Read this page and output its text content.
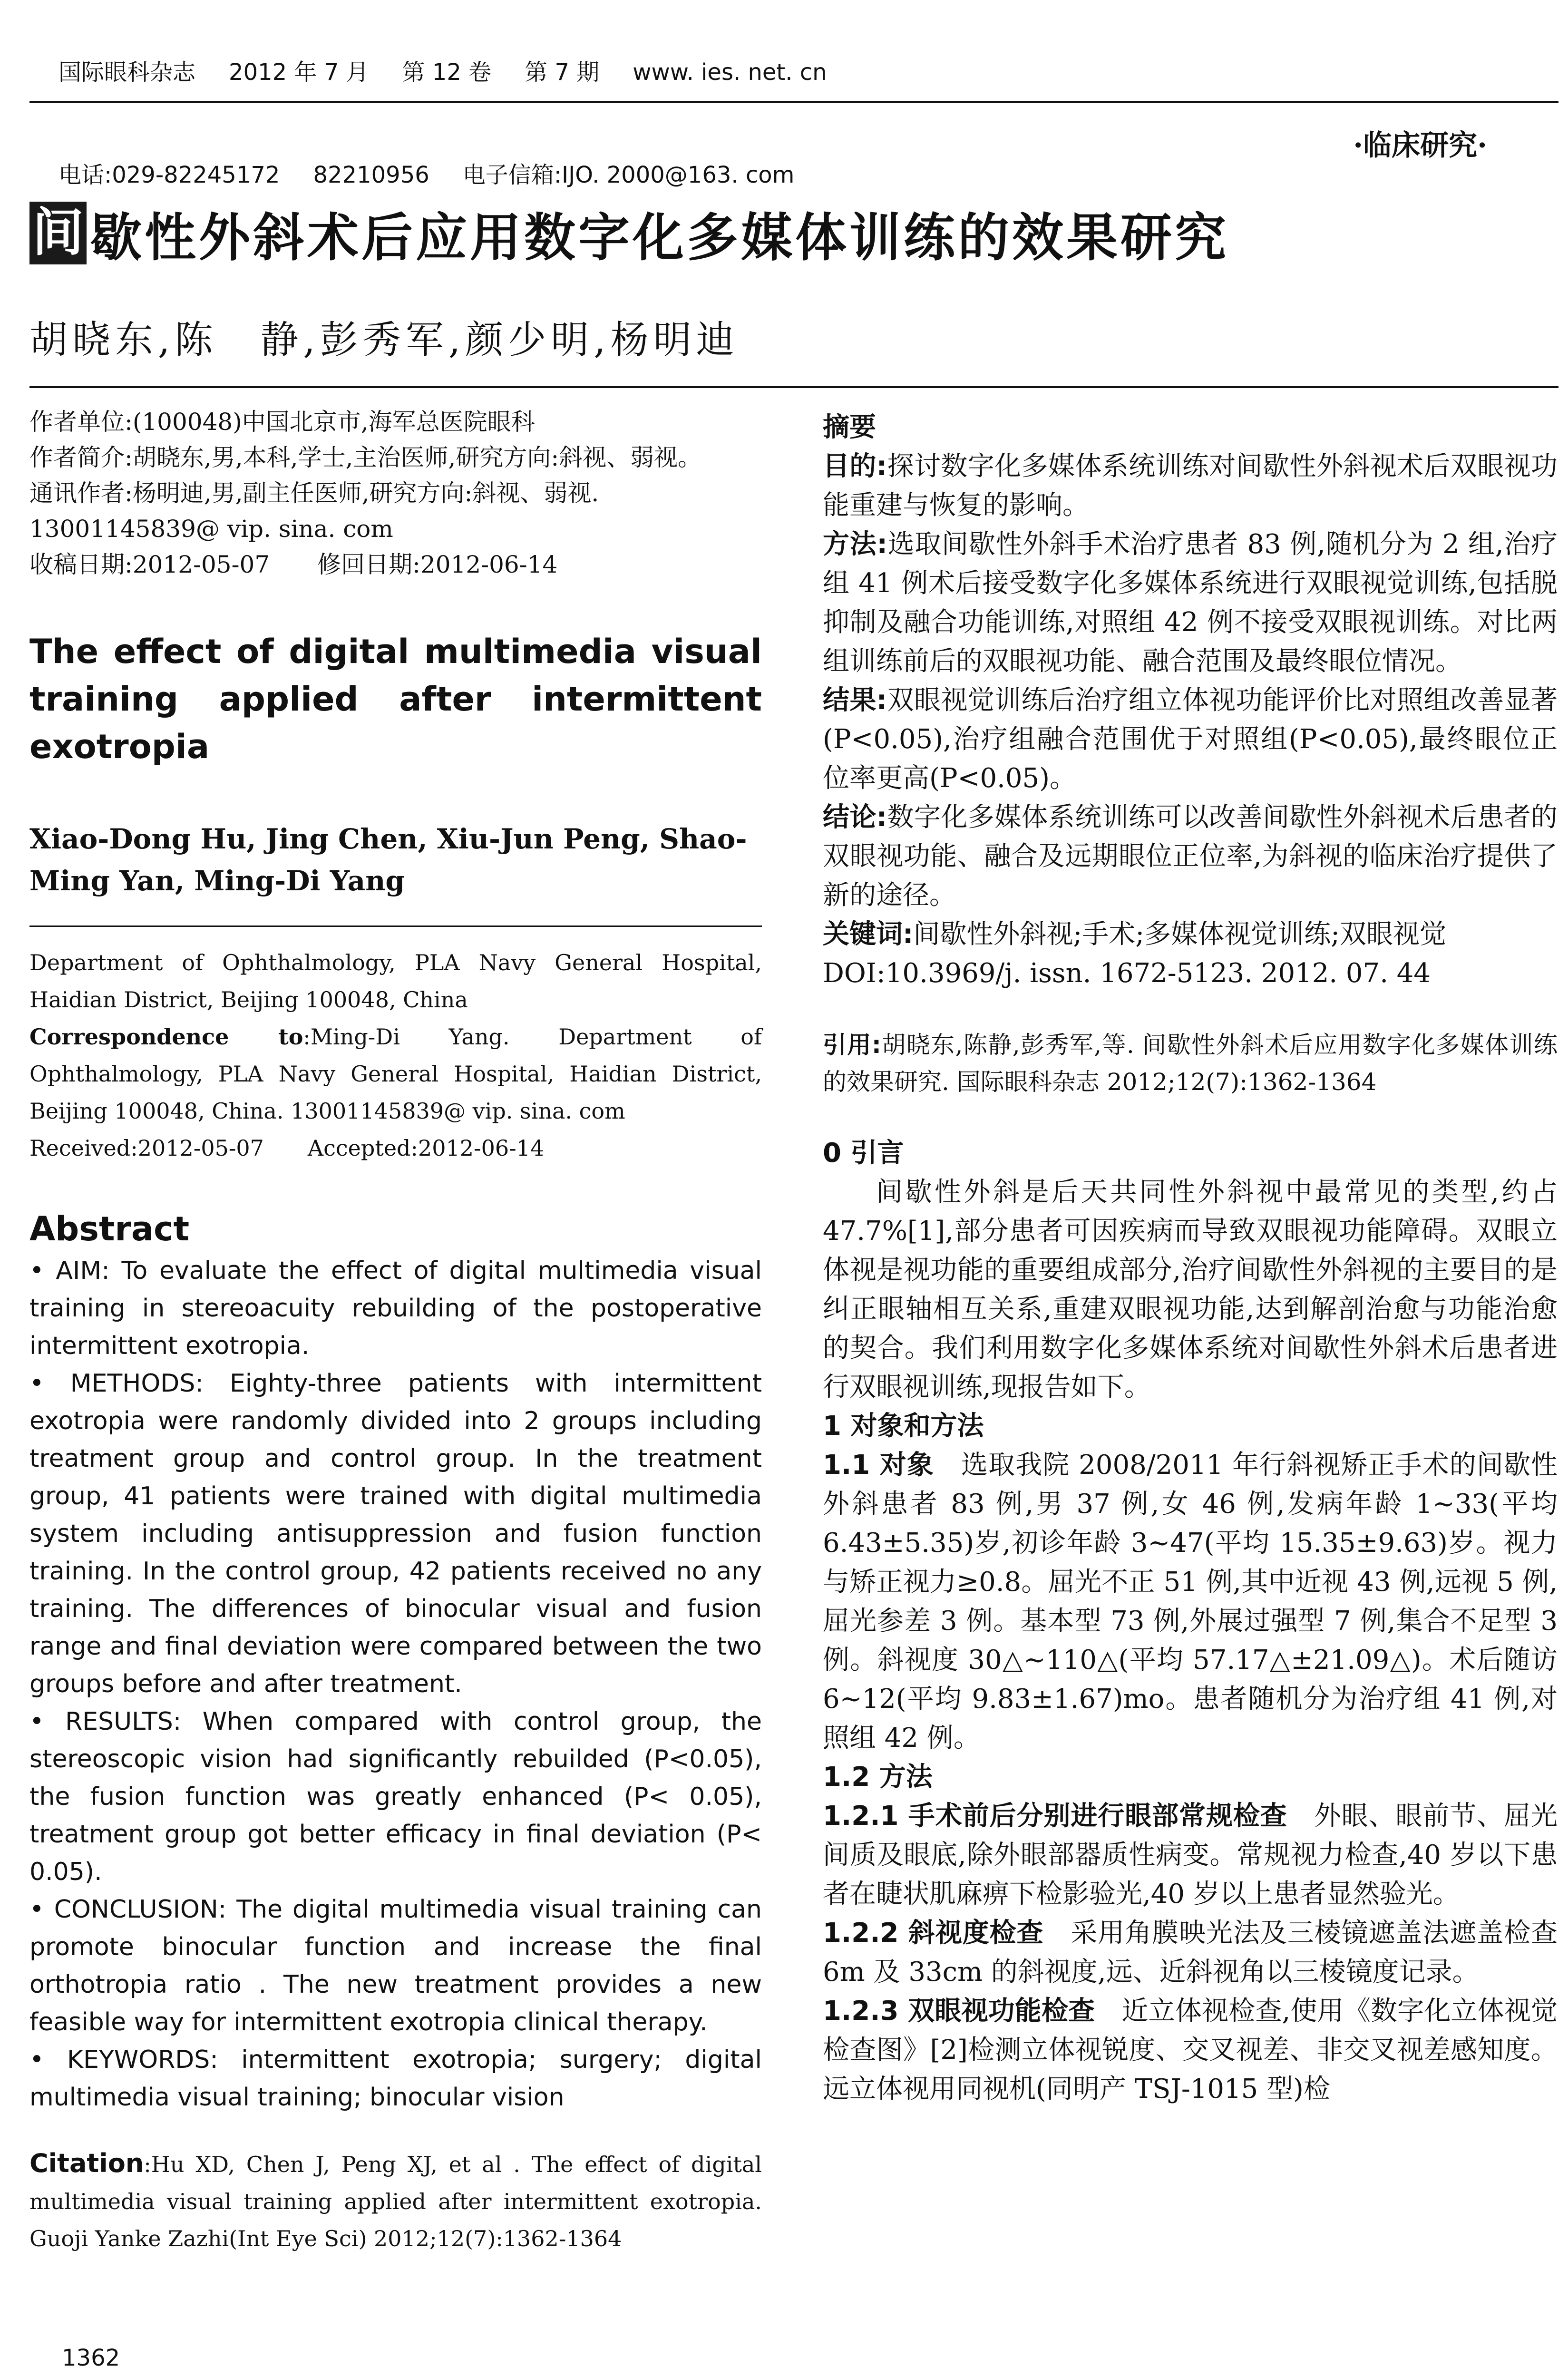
国际眼科杂志 2012 年 7 月 第 12 卷 第 7 期 www. ies. net. cn

电话:029-82245172 82210956 电子信箱:IJO. 2000@163. com

·临床研究·
间 歇性外斜术后应用数字化多媒体训练的效果研究
胡晓东,陈　静,彭秀军,颜少明,杨明迪

作者单位:(100048)中国北京市,海军总医院眼科

作者简介:胡晓东,男,本科,学士,主治医师,研究方向:斜视、弱视。

通讯作者:杨明迪,男,副主任医师,研究方向:斜视、弱视. 13001145839@ vip. sina. com

收稿日期:2012-05-07　　修回日期:2012-06-14

The effect of digital multimedia visual training applied after intermittent exotropia

Xiao-Dong Hu, Jing Chen, Xiu-Jun Peng, Shao-Ming Yan, Ming-Di Yang

Department of Ophthalmology, PLA Navy General Hospital, Haidian District, Beijing 100048, China

Correspondence to:Ming-Di Yang. Department of Ophthalmology, PLA Navy General Hospital, Haidian District, Beijing 100048, China. 13001145839@ vip. sina. com

Received:2012-05-07　　Accepted:2012-06-14

Abstract

• AIM: To evaluate the effect of digital multimedia visual training in stereoacuity rebuilding of the postoperative intermittent exotropia.

• METHODS: Eighty-three patients with intermittent exotropia were randomly divided into 2 groups including treatment group and control group. In the treatment group, 41 patients were trained with digital multimedia system including antisuppression and fusion function training. In the control group, 42 patients received no any training. The differences of binocular visual and fusion range and final deviation were compared between the two groups before and after treatment.

• RESULTS: When compared with control group, the stereoscopic vision had significantly rebuilded (P<0.05), the fusion function was greatly enhanced (P< 0.05), treatment group got better efficacy in final deviation (P< 0.05).

• CONCLUSION: The digital multimedia visual training can promote binocular function and increase the final orthotropia ratio . The new treatment provides a new feasible way for intermittent exotropia clinical therapy.

• KEYWORDS: intermittent exotropia; surgery; digital multimedia visual training; binocular vision

Citation:Hu XD, Chen J, Peng XJ, et al . The effect of digital multimedia visual training applied after intermittent exotropia. Guoji Yanke Zazhi(Int Eye Sci) 2012;12(7):1362-1364

摘要

目的:探讨数字化多媒体系统训练对间歇性外斜视术后双眼视功能重建与恢复的影响。

方法:选取间歇性外斜手术治疗患者 83 例,随机分为 2 组,治疗组 41 例术后接受数字化多媒体系统进行双眼视觉训练,包括脱抑制及融合功能训练,对照组 42 例不接受双眼视训练。对比两组训练前后的双眼视功能、融合范围及最终眼位情况。

结果:双眼视觉训练后治疗组立体视功能评价比对照组改善显著(P<0.05),治疗组融合范围优于对照组(P<0.05),最终眼位正位率更高(P<0.05)。

结论:数字化多媒体系统训练可以改善间歇性外斜视术后患者的双眼视功能、融合及远期眼位正位率,为斜视的临床治疗提供了新的途径。

关键词:间歇性外斜视;手术;多媒体视觉训练;双眼视觉

DOI:10.3969/j. issn. 1672-5123. 2012. 07. 44

引用:胡晓东,陈静,彭秀军,等. 间歇性外斜术后应用数字化多媒体训练的效果研究. 国际眼科杂志 2012;12(7):1362-1364

0 引言

间歇性外斜是后天共同性外斜视中最常见的类型,约占 47.7%[1],部分患者可因疾病而导致双眼视功能障碍。双眼立体视是视功能的重要组成部分,治疗间歇性外斜视的主要目的是纠正眼轴相互关系,重建双眼视功能,达到解剖治愈与功能治愈的契合。我们利用数字化多媒体系统对间歇性外斜术后患者进行双眼视训练,现报告如下。

1 对象和方法

1.1 对象　选取我院 2008/2011 年行斜视矫正手术的间歇性外斜患者 83 例,男 37 例,女 46 例,发病年龄 1~33(平均 6.43±5.35)岁,初诊年龄 3~47(平均 15.35±9.63)岁。视力与矫正视力≥0.8。屈光不正 51 例,其中近视 43 例,远视 5 例,屈光参差 3 例。基本型 73 例,外展过强型 7 例,集合不足型 3 例。斜视度 30△~110△(平均 57.17△±21.09△)。术后随访 6~12(平均 9.83±1.67)mo。患者随机分为治疗组 41 例,对照组 42 例。

1.2 方法

1.2.1 手术前后分别进行眼部常规检查　外眼、眼前节、屈光间质及眼底,除外眼部器质性病变。常规视力检查,40 岁以下患者在睫状肌麻痹下检影验光,40 岁以上患者显然验光。

1.2.2 斜视度检查　采用角膜映光法及三棱镜遮盖法遮盖检查 6m 及 33cm 的斜视度,远、近斜视角以三棱镜度记录。

1.2.3 双眼视功能检查　近立体视检查,使用《数字化立体视觉检查图》[2]检测立体视锐度、交叉视差、非交叉视差感知度。远立体视用同视机(同明产 TSJ-1015 型)检

1362
